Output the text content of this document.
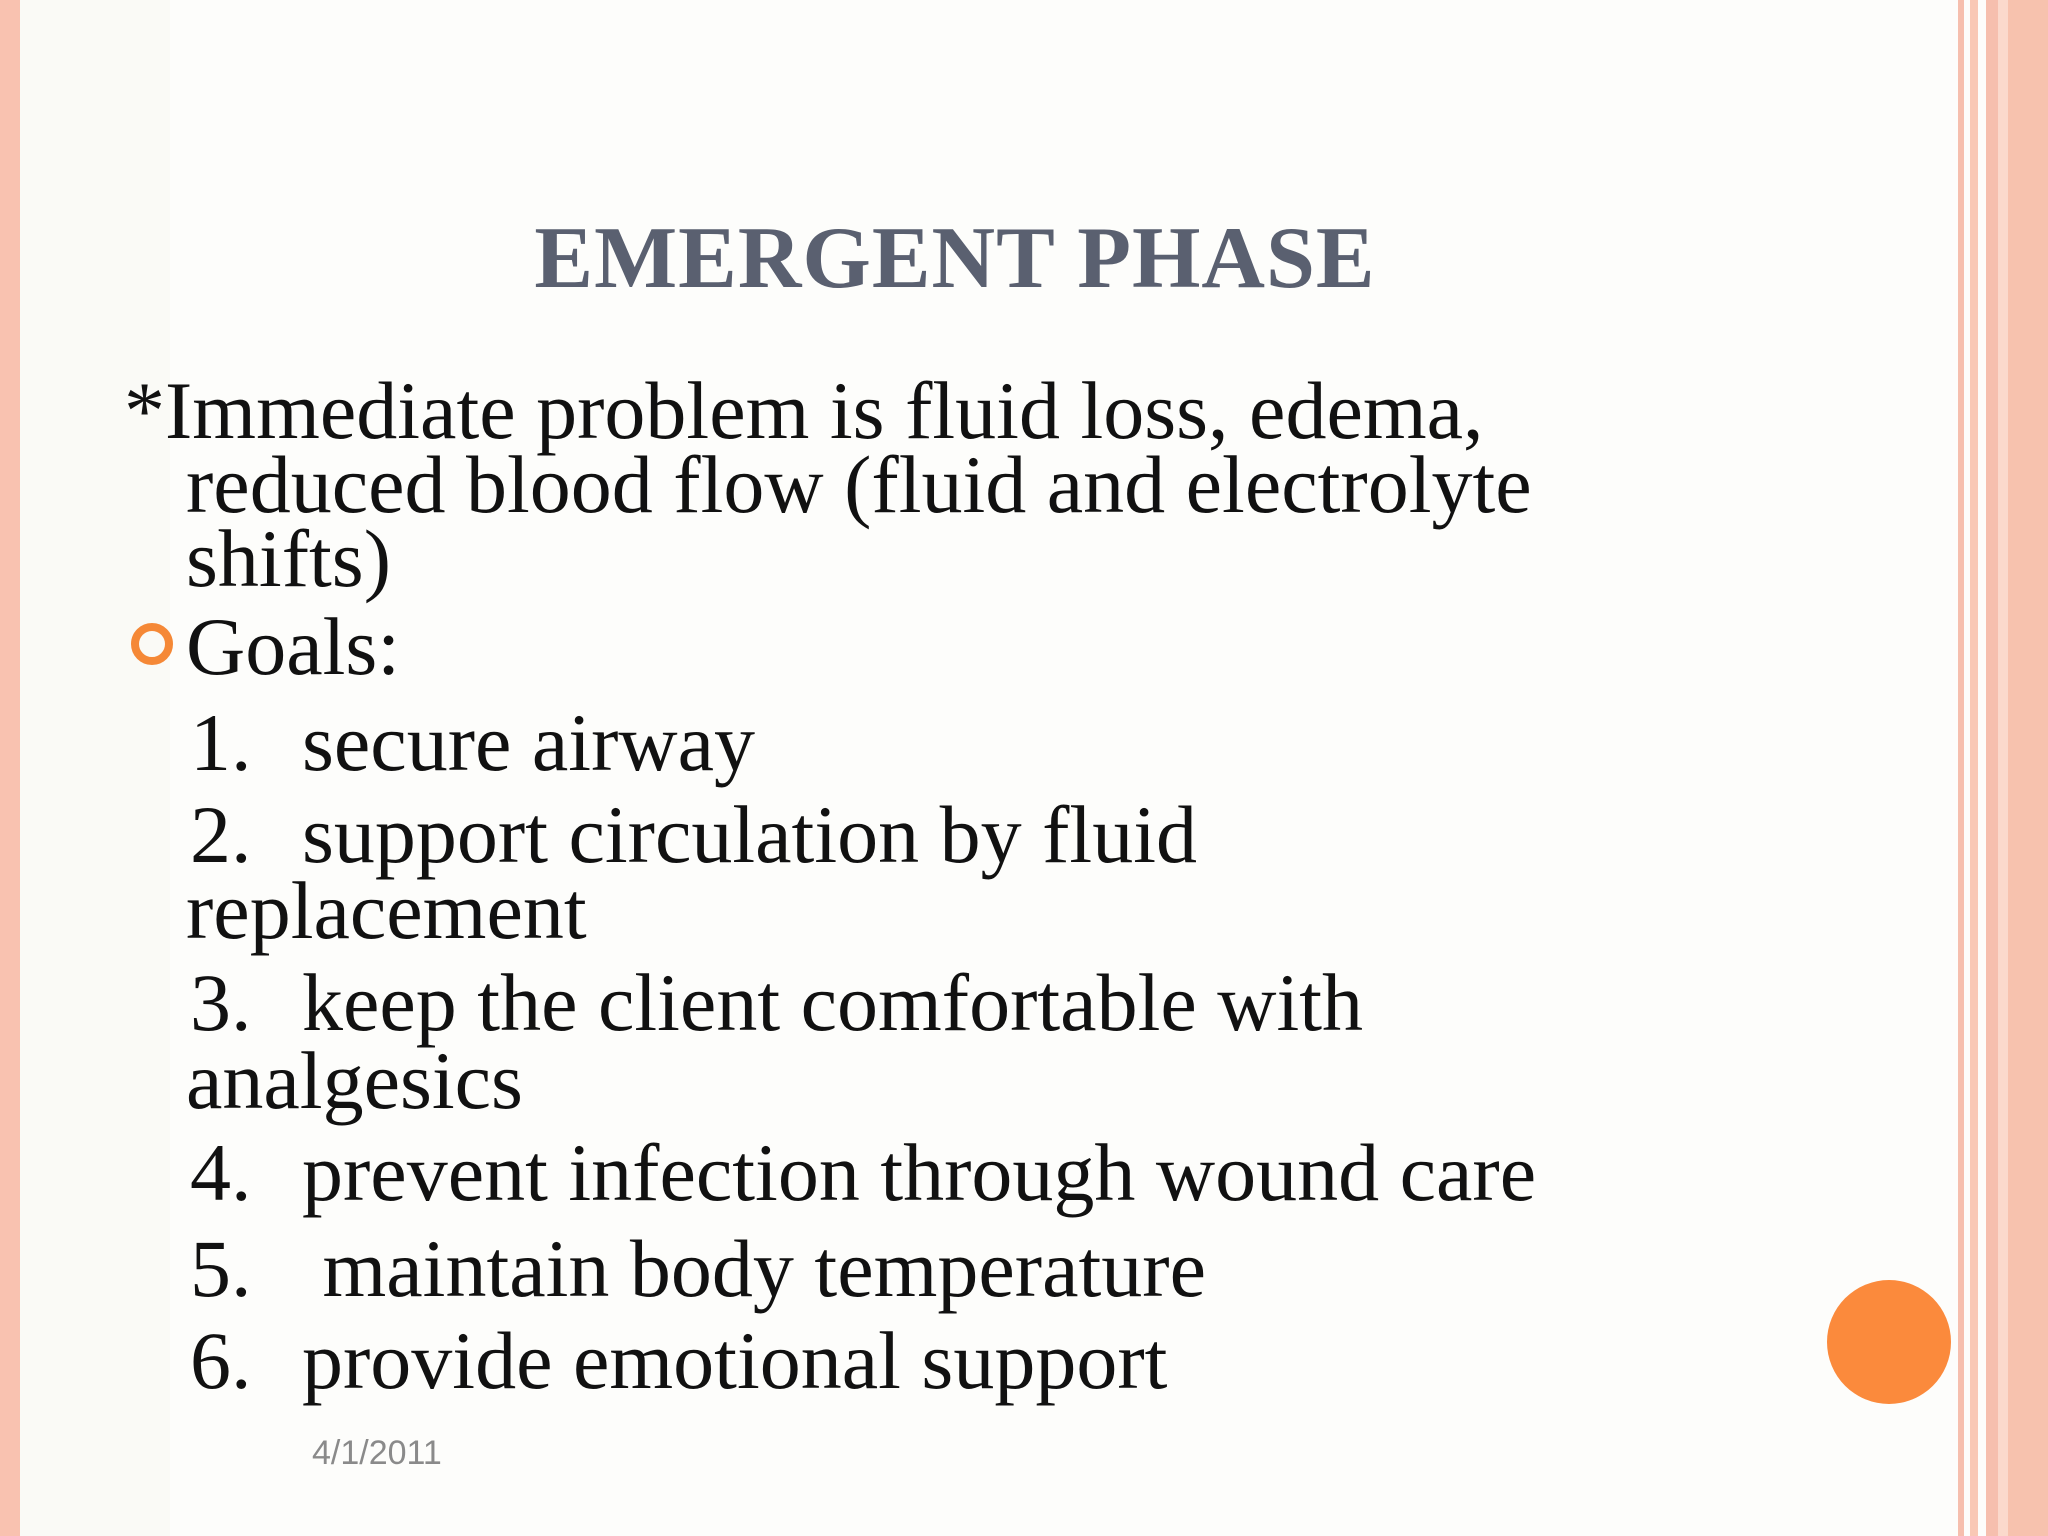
EMERGENT PHASE
*Immediate problem is fluid loss, edema,
reduced blood flow (fluid and electrolyte
shifts)
Goals:
1. secure airway
2. support circulation by fluid
replacement
3. keep the client comfortable with
analgesics
4. prevent infection through wound care
5. maintain body temperature
6. provide emotional support
4/1/2011
